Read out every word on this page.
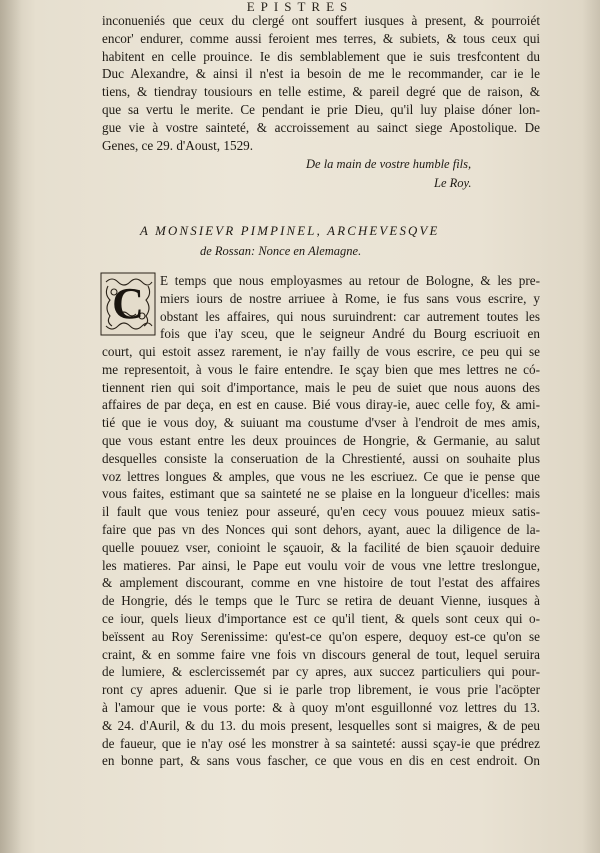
EPISTRES
inconueniés que ceux du clergé ont souffert iusques à present, & pourroiét
encor' endurer, comme aussi feroient mes terres, & subiets, & tous ceux qui
habitent en celle prouince. Ie dis semblablement que ie suis tresfcontent du
Duc Alexandre, & ainsi il n'est ia besoin de me le recommander, car ie le
tiens, & tiendray tousiours en telle estime, & pareil degré que de raison, &
que sa vertu le merite. Ce pendant ie prie Dieu, qu'il luy plaise dóner lon-
gue vie à vostre sainteté, & accroissement au sainct siege Apostolique. De
Genes, ce 29. d'Aoust, 1529.
De la main de vostre humble fils,
Le Roy.
A MONSIEVR PIMPINEL, ARCHEVESQVE
de Rossan: Nonce en Alemagne.
C E temps que nous employasmes au retour de Bologne, & les pre-
miers iours de nostre arriuee à Rome, ie fus sans vous escrire, y
obstant les affaires, qui nous suruindrent: car autrement toutes les
fois que i'ay sceu, que le seigneur André du Bourg escriuoit en
court, qui estoit assez rarement, ie n'ay failly de vous escrire, ce peu qui se
me representoit, à vous le faire entendre. Ie sçay bien que mes lettres ne có-
tiennent rien qui soit d'importance, mais le peu de suiet que nous auons des
affaires de par deça, en est en cause. Bié vous diray-ie, auec celle foy, & ami-
tié que ie vous doy, & suiuant ma coustume d'vser à l'endroit de mes amis,
que vous estant entre les deux prouinces de Hongrie, & Germanie, au salut
desquelles consiste la conseruation de la Chrestienté, aussi on souhaite plus
voz lettres longues & amples, que vous ne les escriuez. Ce que ie pense que
vous faites, estimant que sa sainteté ne se plaise en la longueur d'icelles: mais
il fault que vous teniez pour asseuré, qu'en cecy vous pouuez mieux satis-
faire que pas vn des Nonces qui sont dehors, ayant, auec la diligence de la-
quelle pouuez vser, conioint le sçauoir, & la facilité de bien sçauoir deduire
les matieres. Par ainsi, le Pape eut voulu voir de vous vne lettre treslongue,
& amplement discourant, comme en vne histoire de tout l'estat des affaires
de Hongrie, dés le temps que le Turc se retira de deuant Vienne, iusques à
ce iour, quels lieux d'importance est ce qu'il tient, & quels sont ceux qui o-
beïssent au Roy Serenissime: qu'est-ce qu'on espere, dequoy est-ce qu'on se
craint, & en somme faire vne fois vn discours general de tout, lequel seruira
de lumiere, & esclercissemét par cy apres, aux succez particuliers qui pour-
ront cy apres aduenir. Que si ie parle trop librement, ie vous prie l'acöpter
à l'amour que ie vous porte: & à quoy m'ont esguillonné voz lettres du 13.
& 24. d'Auril, & du 13. du mois present, lesquelles sont si maigres, & de peu
de faueur, que ie n'ay osé les monstrer à sa sainteté: aussi sçay-ie que prédrez
en bonne part, & sans vous fascher, ce que vous en dis en cest endroit. On
